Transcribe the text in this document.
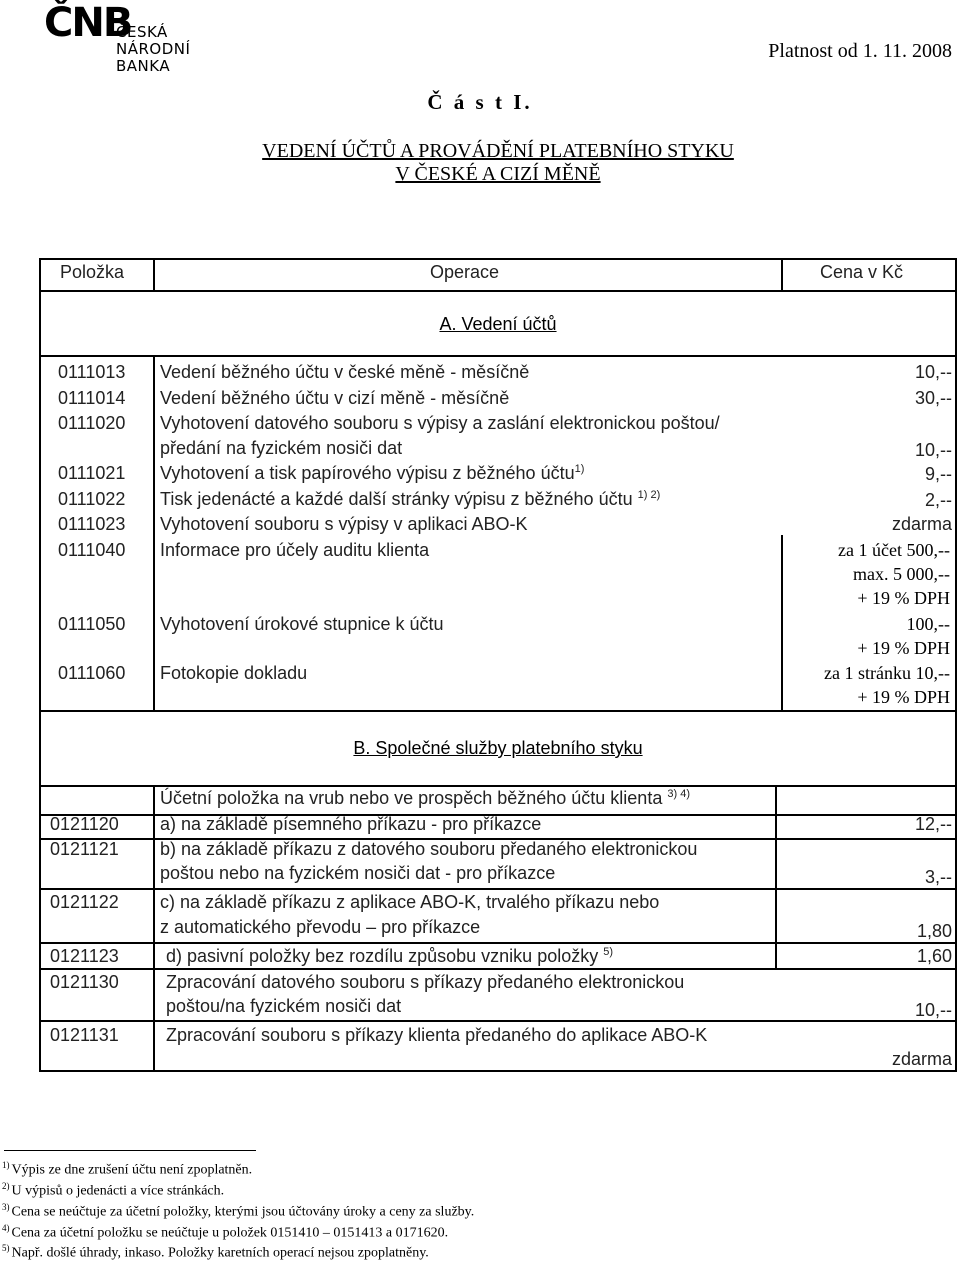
ČNB
ČESKÁ
NÁRODNÍ BANKA
Platnost od 1. 11. 2008
Č á s t I.
VEDENÍ ÚČTŮ A PROVÁDĚNÍ PLATEBNÍHO STYKU
V ČESKÉ A CIZÍ MĚNĚ
Položka	Operace	Cena v Kč
A. Vedení účtů
0111013 Vedení běžného účtu v české měně - měsíčně	10,--
0111014 Vedení běžného účtu v cizí měně - měsíčně	30,--
0111020 Vyhotovení datového souboru s výpisy a zaslání elektronickou poštou/
předání na fyzickém nosiči dat	10,--
0111021 Vyhotovení a tisk papírového výpisu z běžného účtu$^{1)}$	9,--
0111022 Tisk jedenácté a každé další stránky výpisu z běžného účtu $^{1) 2)}$	2,--
0111023 Vyhotovení souboru s výpisy v aplikaci ABO-K	zdarma
0111040 Informace pro účely auditu klienta	za 1 účet 500,--
max. 5 000,--
+ 19 % DPH
0111050 Vyhotovení úrokové stupnice k účtu	100,--
+ 19 % DPH
0111060 Fotokopie dokladu	za 1 stránku 10,--
+ 19 % DPH
B. Společné služby platebního styku
Účetní položka na vrub nebo ve prospěch běžného účtu klienta $^{3) 4)}$
0121120 a) na základě písemného příkazu - pro příkazce	12,--
0121121 b) na základě příkazu z datového souboru předaného elektronickou
poštou nebo na fyzickém nosiči dat - pro příkazce	3,--
0121122 c) na základě příkazu z aplikace ABO-K, trvalého příkazu nebo
z automatického převodu – pro příkazce	1,80
0121123	d) pasivní položky bez rozdílu způsobu vzniku položky $^{5)}$	1,60
0121130	Zpracování datového souboru s příkazy předaného elektronickou
poštou/na fyzickém nosiči dat	10,--
0121131	Zpracování souboru s příkazy klienta předaného do aplikace ABO-K
zdarma
$^{1)}$ Výpis ze dne zrušení účtu není zpoplatněn.
$^{2)}$ U výpisů o jedenácti a více stránkách.
$^{3)}$ Cena se neúčtuje za účetní položky, kterými jsou účtovány úroky a ceny za služby.
$^{4)}$ Cena za účetní položku se neúčtuje u položek 0151410 – 0151413 a 0171620.
$^{5)}$ Např. došlé úhrady, inkaso. Položky karetních operací nejsou zpoplatněny.
